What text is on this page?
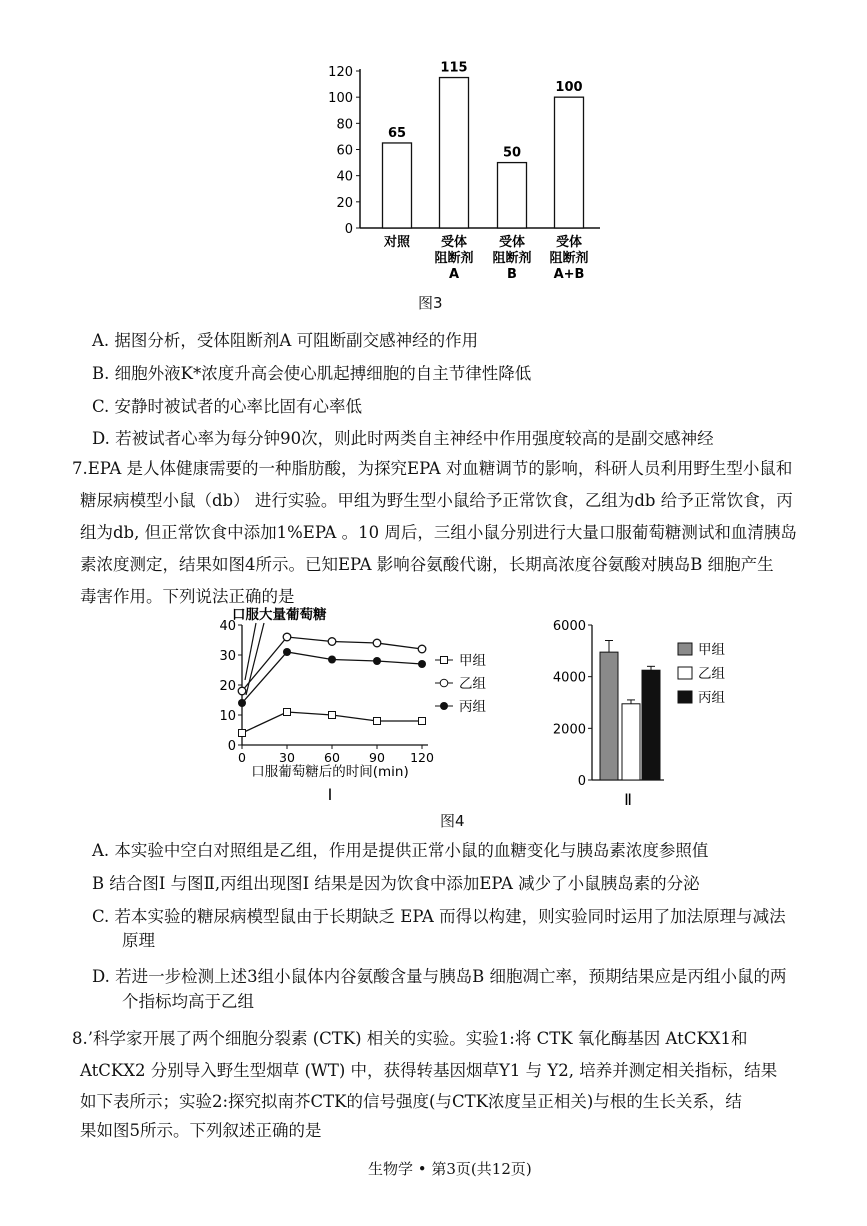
0
20
40
60
80
100
120
65
对照
115
受体
阻断剂
A
50
受体
阻断剂
B
100
受体
阻断剂
A+B
图3
A. 据图分析，受体阻断剂A 可阻断副交感神经的作用
B. 细胞外液K*浓度升高会使心肌起搏细胞的自主节律性降低
C. 安静时被试者的心率比固有心率低
D. 若被试者心率为每分钟90次，则此时两类自主神经中作用强度较高的是副交感神经
7.EPA 是人体健康需要的一种脂肪酸，为探究EPA 对血糖调节的影响，科研人员利用野生型小鼠和
糖尿病模型小鼠（db） 进行实验。甲组为野生型小鼠给予正常饮食，乙组为db 给予正常饮食，丙
组为db, 但正常饮食中添加1%EPA 。10 周后，三组小鼠分别进行大量口服葡萄糖测试和血清胰岛
素浓度测定，结果如图4所示。已知EPA 影响谷氨酸代谢，长期高浓度谷氨酸对胰岛B 细胞产生
毒害作用。下列说法正确的是
0
10
20
30
40
0	30 60 90 120
口服葡萄糖后的时间(min)
Ⅰ
口服大量葡萄糖
甲组
乙组
丙组
0
2000
4000
6000
甲组
乙组
丙组
Ⅱ
图4
A. 本实验中空白对照组是乙组，作用是提供正常小鼠的血糖变化与胰岛素浓度参照值
B 结合图I 与图Ⅱ,丙组出现图I 结果是因为饮食中添加EPA 减少了小鼠胰岛素的分泌
C. 若本实验的糖尿病模型鼠由于长期缺乏 EPA 而得以构建，则实验同时运用了加法原理与减法
原理
D. 若进一步检测上述3组小鼠体内谷氨酸含量与胰岛B 细胞凋亡率，预期结果应是丙组小鼠的两
个指标均高于乙组
8.’科学家开展了两个细胞分裂素 (CTK) 相关的实验。实验1:将 CTK 氧化酶基因 AtCKX1和
AtCKX2 分别导入野生型烟草 (WT) 中，获得转基因烟草Y1 与 Y2, 培养并测定相关指标，结果
如下表所示；实验2:探究拟南芥CTK的信号强度(与CTK浓度呈正相关)与根的生长关系，结
果如图5所示。下列叙述正确的是
生物学 • 第3页(共12页)
